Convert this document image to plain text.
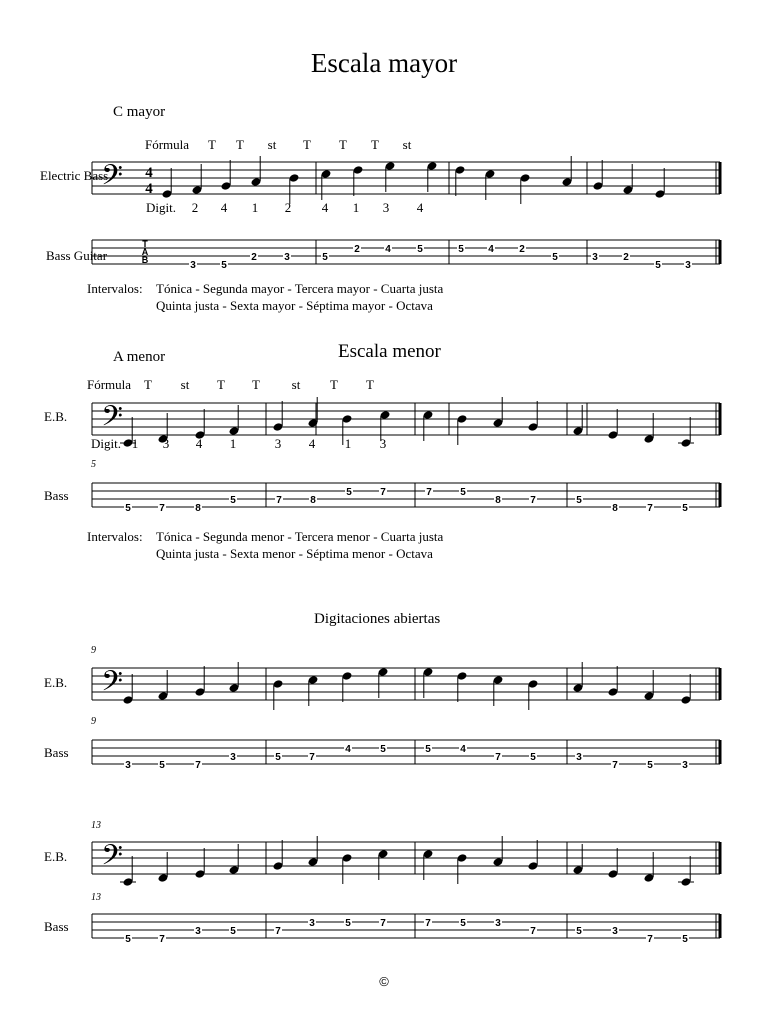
Escala mayor
C mayor
Fórmula
Electric Bass
Digit.
Bass Guitar
Intervalos: Tónica - Segunda mayor - Tercera mayor - Cuarta justa
Quinta justa - Sexta mayor - Séptima mayor - Octava
Escala menor
A menor
Fórmula
E.B.
Digit.
5
Bass
Intervalos: Tónica - Segunda menor - Tercera menor - Cuarta justa
Quinta justa - Sexta menor - Séptima menor - Octava
Digitaciones abiertas
9
E.B.
9
Bass
13
E.B.
13
Bass
©
𝄢 4
4
T
A
B	3	5
2	3	5
2	4	5	5 4	2
5	3	2
5 3
T T st T T T st
2 4 1 2 4 1 3 4
𝄢
T st T T st T T
1 3 4 1	3 4 1 3
5	7	8
5	7	8
5	7	7	5
8	7	5
8	7	5
𝄢
3	5	7
3	5	7
4	5	5	4
7	5	3
7	5	3
𝄢
5	7
3	5	7
3	5	7	7	5	3
7	5	3
7	5
